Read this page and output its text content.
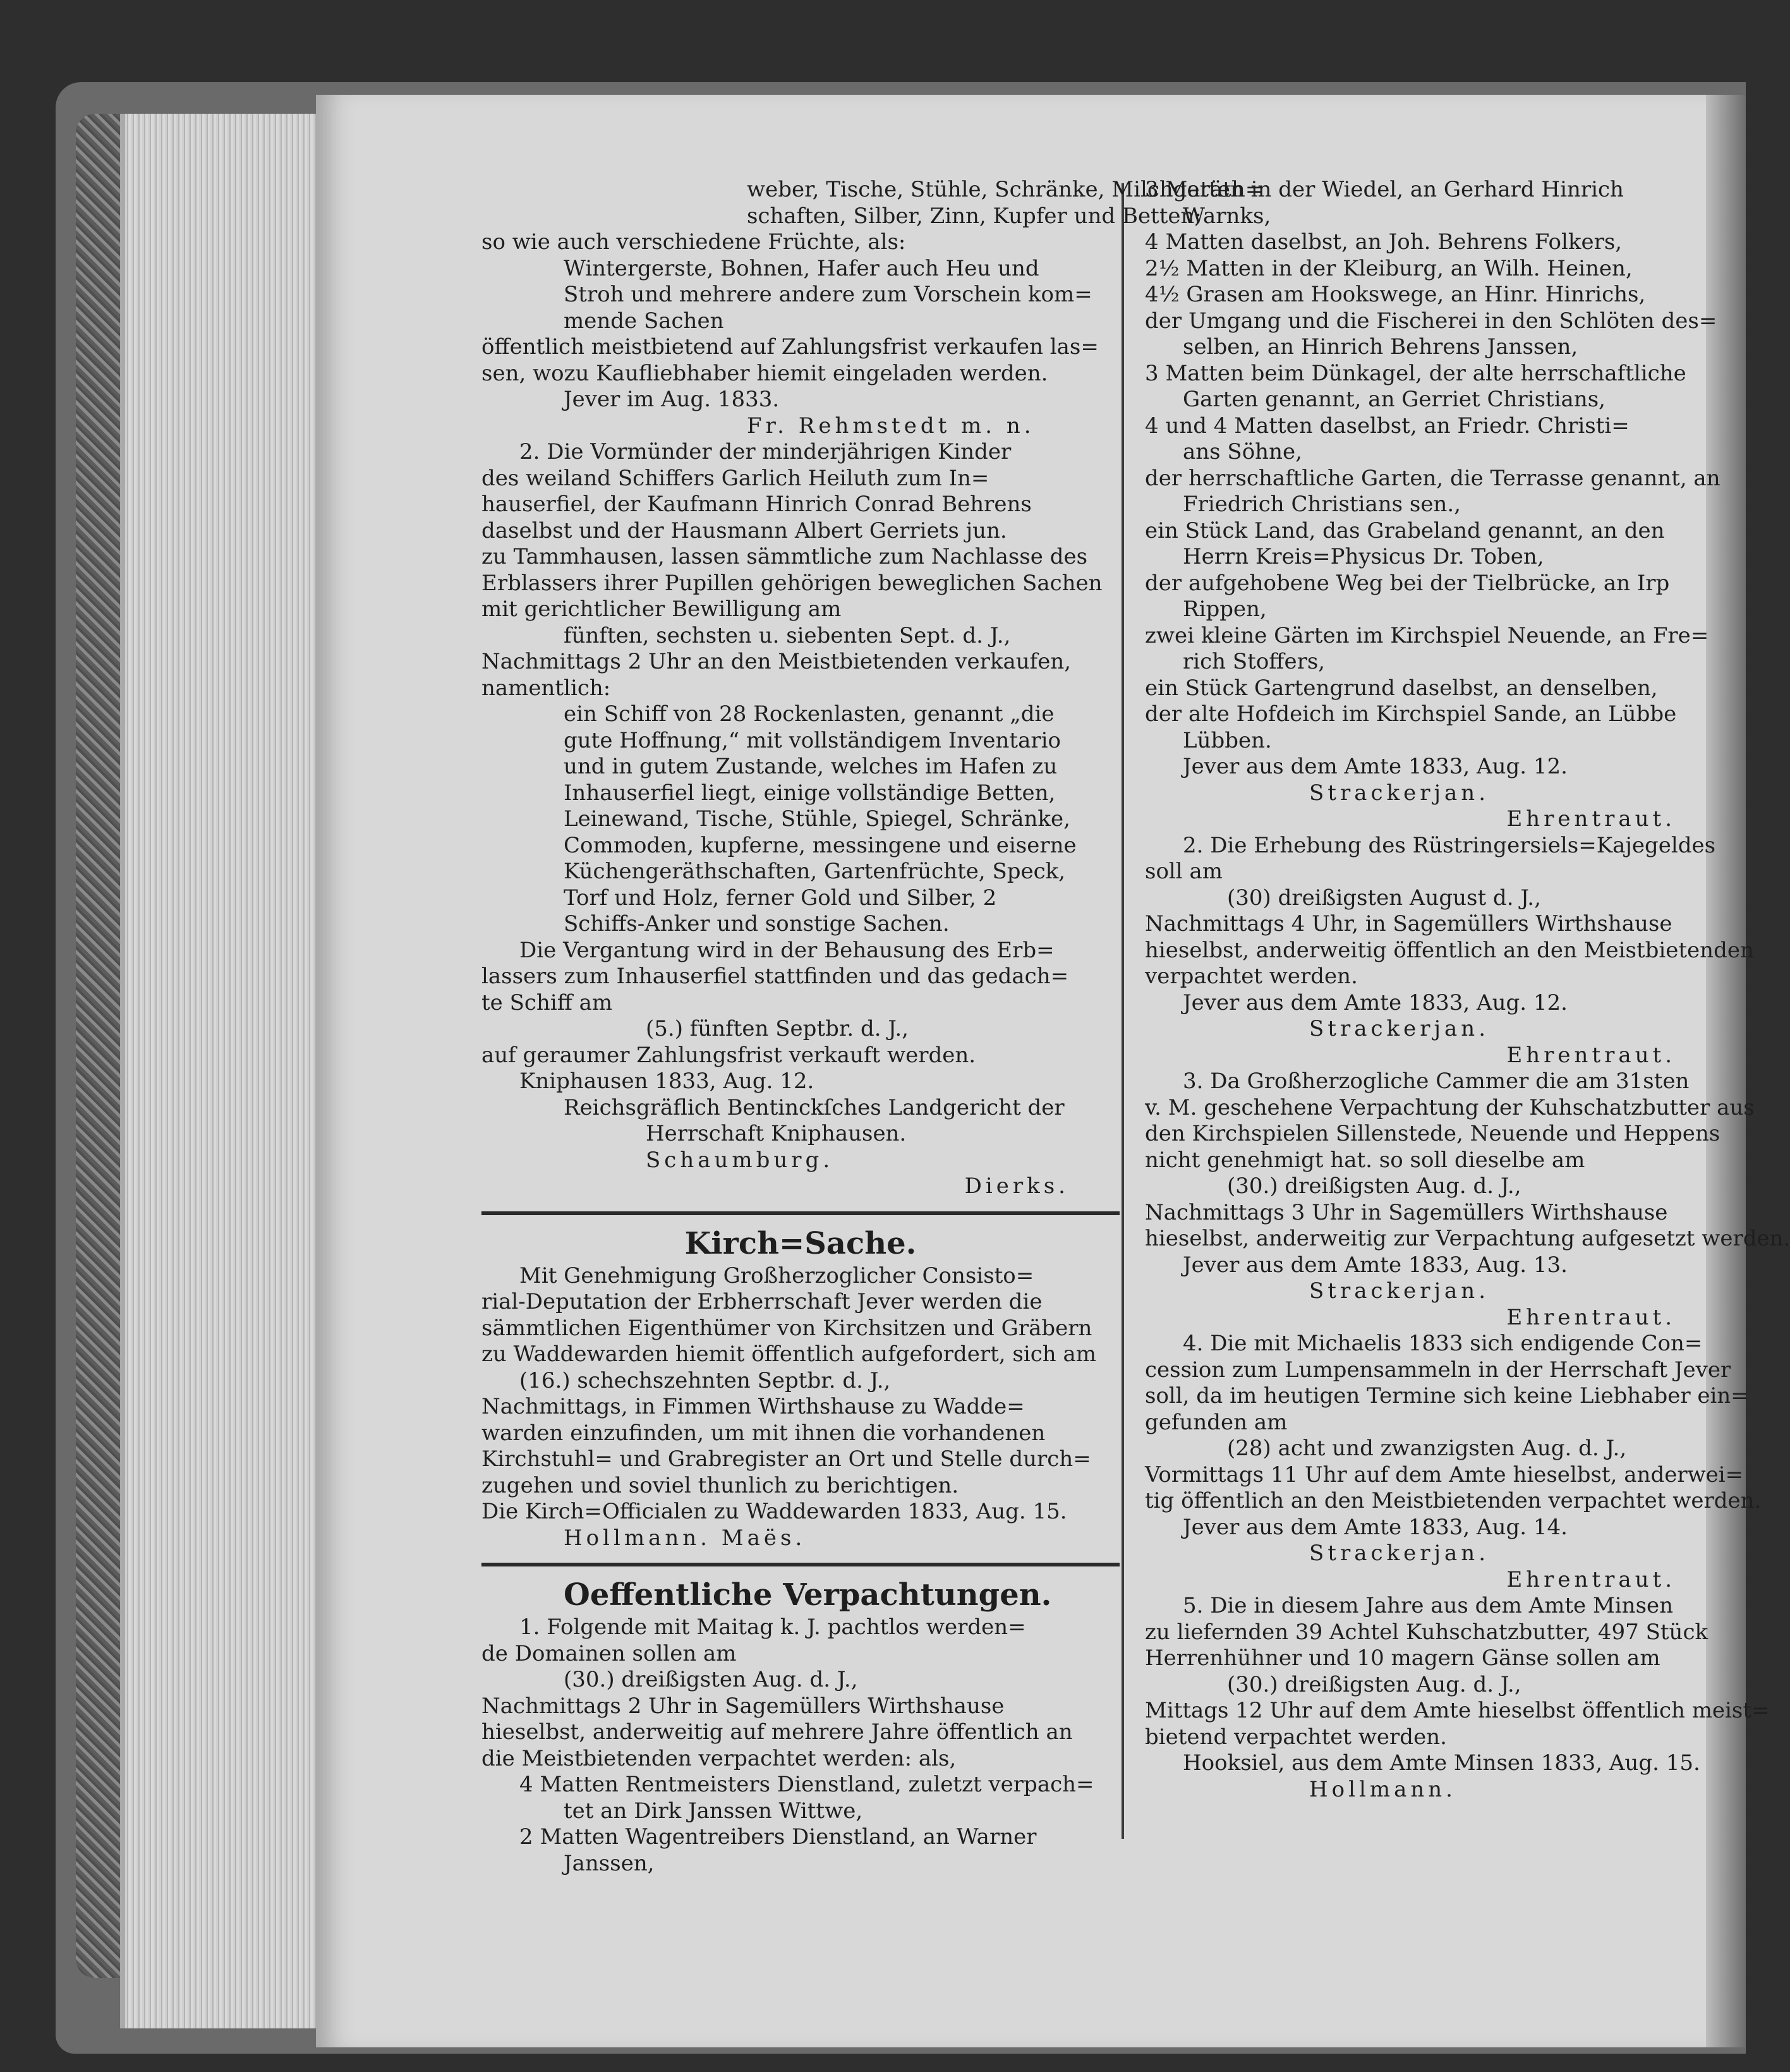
weber, Tische, Stühle, Schränke, Milchgeräth=
schaften, Silber, Zinn, Kupfer und Betten;
so wie auch verschiedene Früchte, als:
Wintergerste, Bohnen, Hafer auch Heu und
Stroh und mehrere andere zum Vorschein kom=
mende Sachen
öffentlich meistbietend auf Zahlungsfrist verkaufen las=
sen, wozu Kaufliebhaber hiemit eingeladen werden.
Jever im Aug. 1833.
Fr. Rehmstedt m. n.
2. Die Vormünder der minderjährigen Kinder
des weiland Schiffers Garlich Heiluth zum In=
hauserfiel, der Kaufmann Hinrich Conrad Behrens
daselbst und der Hausmann Albert Gerriets jun.
zu Tammhausen, lassen sämmtliche zum Nachlasse des
Erblassers ihrer Pupillen gehörigen beweglichen Sachen
mit gerichtlicher Bewilligung am
fünften, sechsten u. siebenten Sept. d. J.,
Nachmittags 2 Uhr an den Meistbietenden verkaufen,
namentlich:
ein Schiff von 28 Rockenlasten, genannt „die
gute Hoffnung,“ mit vollständigem Inventario
und in gutem Zustande, welches im Hafen zu
Inhauserfiel liegt, einige vollständige Betten,
Leinewand, Tische, Stühle, Spiegel, Schränke,
Commoden, kupferne, messingene und eiserne
Küchengeräthschaften, Gartenfrüchte, Speck,
Torf und Holz, ferner Gold und Silber, 2
Schiffs-Anker und sonstige Sachen.
Die Vergantung wird in der Behausung des Erb=
lassers zum Inhauserfiel stattfinden und das gedach=
te Schiff am
(5.) fünften Septbr. d. J.,
auf geraumer Zahlungsfrist verkauft werden.
Kniphausen 1833, Aug. 12.
Reichsgräflich Bentinckſches Landgericht der
Herrschaft Kniphausen.
Schaumburg.
Dierks.
Kirch=Sache.
Mit Genehmigung Großherzoglicher Consisto=
rial-Deputation der Erbherrschaft Jever werden die
sämmtlichen Eigenthümer von Kirchsitzen und Gräbern
zu Waddewarden hiemit öffentlich aufgefordert, sich am
(16.) schechszehnten Septbr. d. J.,
Nachmittags, in Fimmen Wirthshause zu Wadde=
warden einzufinden, um mit ihnen die vorhandenen
Kirchstuhl= und Grabregister an Ort und Stelle durch=
zugehen und soviel thunlich zu berichtigen.
Die Kirch=Officialen zu Waddewarden 1833, Aug. 15.
Hollmann. Maës.
Oeffentliche Verpachtungen.
1. Folgende mit Maitag k. J. pachtlos werden=
de Domainen sollen am
(30.) dreißigsten Aug. d. J.,
Nachmittags 2 Uhr in Sagemüllers Wirthshause
hieselbst, anderweitig auf mehrere Jahre öffentlich an
die Meistbietenden verpachtet werden: als,
4 Matten Rentmeisters Dienstland, zuletzt verpach=
tet an Dirk Janssen Wittwe,
2 Matten Wagentreibers Dienstland, an Warner
Janssen,
3 Matten in der Wiedel, an Gerhard Hinrich
Warnks,
4 Matten daselbst, an Joh. Behrens Folkers,
2½ Matten in der Kleiburg, an Wilh. Heinen,
4½ Grasen am Hookswege, an Hinr. Hinrichs,
der Umgang und die Fischerei in den Schlöten des=
selben, an Hinrich Behrens Janssen,
3 Matten beim Dünkagel, der alte herrschaftliche
Garten genannt, an Gerriet Christians,
4 und 4 Matten daselbst, an Friedr. Christi=
ans Söhne,
der herrschaftliche Garten, die Terrasse genannt, an
Friedrich Christians sen.,
ein Stück Land, das Grabeland genannt, an den
Herrn Kreis=Physicus Dr. Toben,
der aufgehobene Weg bei der Tielbrücke, an Irp
Rippen,
zwei kleine Gärten im Kirchspiel Neuende, an Fre=
rich Stoffers,
ein Stück Gartengrund daselbst, an denselben,
der alte Hofdeich im Kirchspiel Sande, an Lübbe
Lübben.
Jever aus dem Amte 1833, Aug. 12.
Strackerjan.
Ehrentraut.
2. Die Erhebung des Rüstringersiels=Kajegeldes
soll am
(30) dreißigsten August d. J.,
Nachmittags 4 Uhr, in Sagemüllers Wirthshause
hieselbst, anderweitig öffentlich an den Meistbietenden
verpachtet werden.
Jever aus dem Amte 1833, Aug. 12.
Strackerjan.
Ehrentraut.
3. Da Großherzogliche Cammer die am 31sten
v. M. geschehene Verpachtung der Kuhschatzbutter aus
den Kirchspielen Sillenstede, Neuende und Heppens
nicht genehmigt hat. so soll dieselbe am
(30.) dreißigsten Aug. d. J.,
Nachmittags 3 Uhr in Sagemüllers Wirthshause
hieselbst, anderweitig zur Verpachtung aufgesetzt werden.
Jever aus dem Amte 1833, Aug. 13.
Strackerjan.
Ehrentraut.
4. Die mit Michaelis 1833 sich endigende Con=
cession zum Lumpensammeln in der Herrschaft Jever
soll, da im heutigen Termine sich keine Liebhaber ein=
gefunden am
(28) acht und zwanzigsten Aug. d. J.,
Vormittags 11 Uhr auf dem Amte hieselbst, anderwei=
tig öffentlich an den Meistbietenden verpachtet werden.
Jever aus dem Amte 1833, Aug. 14.
Strackerjan.
Ehrentraut.
5. Die in diesem Jahre aus dem Amte Minsen
zu liefernden 39 Achtel Kuhschatzbutter, 497 Stück
Herrenhühner und 10 magern Gänse sollen am
(30.) dreißigsten Aug. d. J.,
Mittags 12 Uhr auf dem Amte hieselbst öffentlich meist=
bietend verpachtet werden.
Hooksiel, aus dem Amte Minsen 1833, Aug. 15.
Hollmann.
